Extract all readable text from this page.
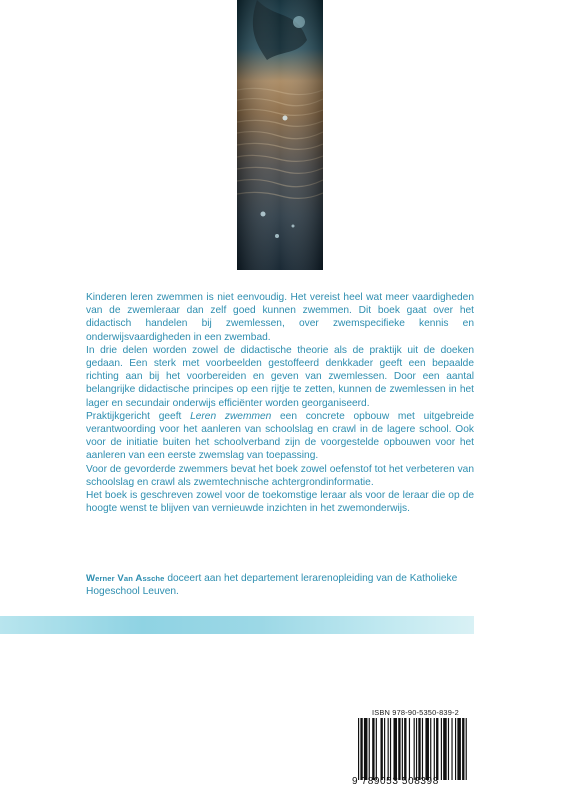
Kinderen leren zwemmen is niet eenvoudig. Het vereist heel wat meer vaardigheden van de zwemleraar dan zelf goed kunnen zwemmen. Dit boek gaat over het didactisch handelen bij zwemlessen, over zwemspecifieke kennis en onderwijsvaardigheden in een zwembad.

In drie delen worden zowel de didactische theorie als de praktijk uit de doeken gedaan. Een sterk met voorbeelden gestoffeerd denkkader geeft een bepaalde richting aan bij het voorbereiden en geven van zwemlessen. Door een aantal belangrijke didactische principes op een rijtje te zetten, kunnen de zwemlessen in het lager en secundair onderwijs efficiënter worden georganiseerd.

Praktijkgericht geeft Leren zwemmen een concrete opbouw met uitgebreide verantwoording voor het aanleren van schoolslag en crawl in de lagere school. Ook voor de initiatie buiten het schoolverband zijn de voorgestelde opbouwen voor het aanleren van een eerste zwemslag van toepassing.

Voor de gevorderde zwemmers bevat het boek zowel oefenstof tot het verbeteren van schoolslag en crawl als zwemtechnische achtergrondinformatie.

Het boek is geschreven zowel voor de toekomstige leraar als voor de leraar die op de hoogte wenst te blijven van vernieuwde inzichten in het zwemonderwijs.

Werner Van Assche doceert aan het departement lerarenopleiding van de Katholieke Hogeschool Leuven.
ISBN 978-90-5350-839-2
9 789053 508398
